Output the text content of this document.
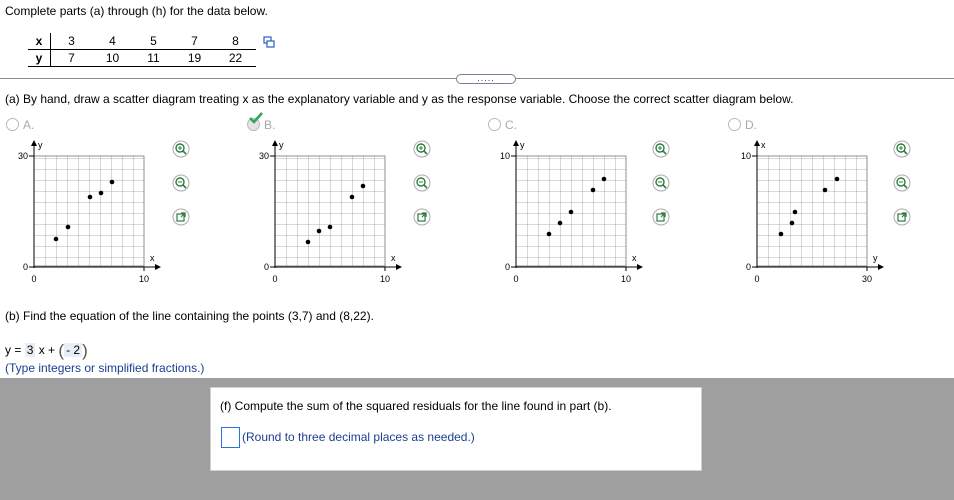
Complete parts (a) through (h) for the data below.
x	3	4	5	7	8
y	7	10	11	19	22
.....
(a) By hand, draw a scatter diagram treating x as the explanatory variable and y as the response variable. Choose the correct scatter diagram below.
A.	B.	C.	D.
y
x
30
0
0	10
y
x
30
0
0	10
y
x
10
0
0	10
x
y
10
0
0	30
(b) Find the equation of the line containing the points (3,7) and (8,22).
y = 3 x + ( - 2 )
(Type integers or simplified fractions.)
(f) Compute the sum of the squared residuals for the line found in part (b).
(Round to three decimal places as needed.)
